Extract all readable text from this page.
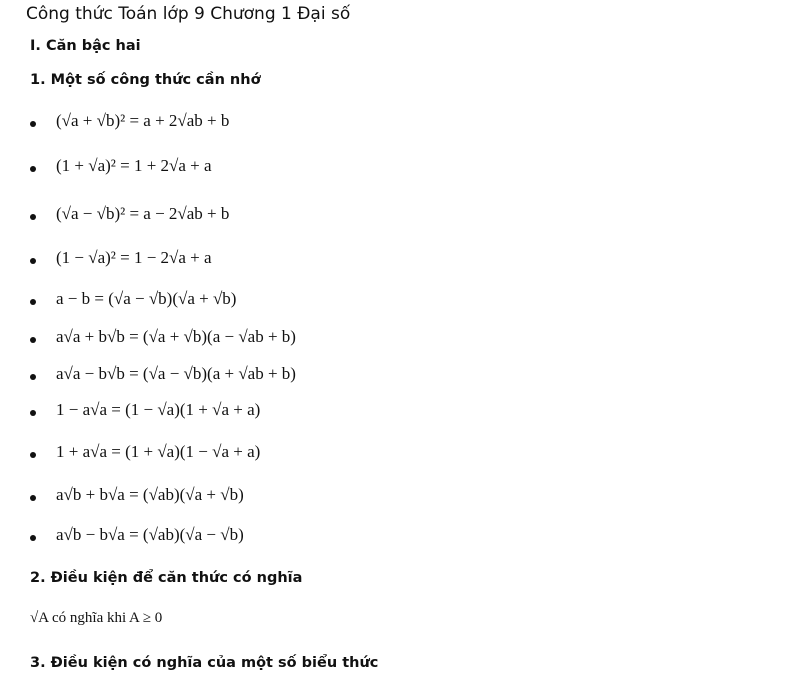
Công thức Toán lớp 9 Chương 1 Đại số
I. Căn bậc hai
1. Một số công thức cần nhớ
(√a + √b)² = a + 2√ab + b
(1 + √a)² = 1 + 2√a + a
(√a − √b)² = a − 2√ab + b
(1 − √a)² = 1 − 2√a + a
a − b = (√a − √b)(√a + √b)
a√a + b√b = (√a + √b)(a − √ab + b)
a√a − b√b = (√a − √b)(a + √ab + b)
1 − a√a = (1 − √a)(1 + √a + a)
1 + a√a = (1 + √a)(1 − √a + a)
a√b + b√a = (√ab)(√a + √b)
a√b − b√a = (√ab)(√a − √b)
2. Điều kiện để căn thức có nghĩa
√A có nghĩa khi A ≥ 0
3. Điều kiện có nghĩa của một số biểu thức
